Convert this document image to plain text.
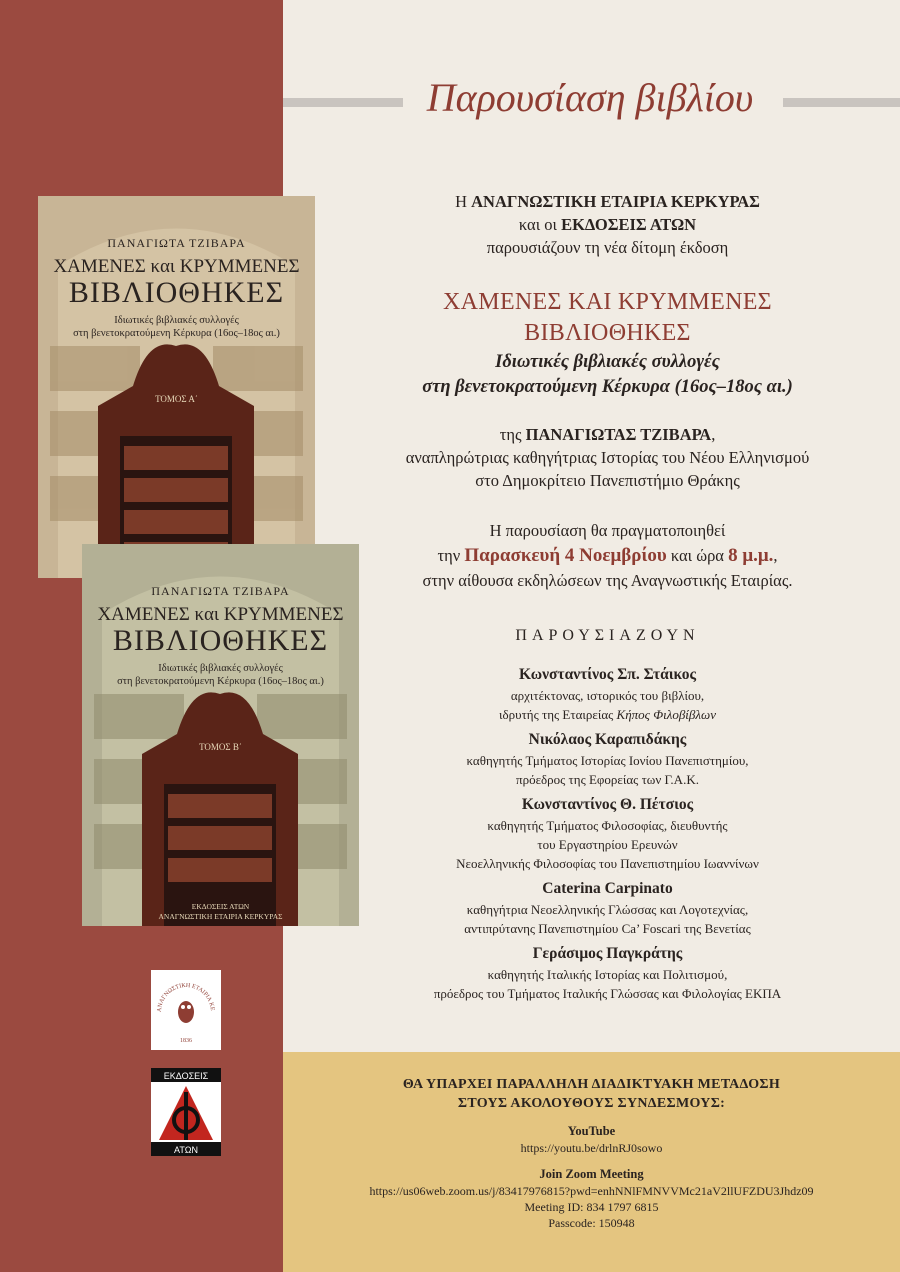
Παρουσίαση βιβλίου
ΠΑΝΑΓΙΩΤΑ ΤΖΙΒΑΡΑ
ΧΑΜΕΝΕΣ και ΚΡΥΜΜΕΝΕΣ
ΒΙΒΛΙΟΘΗΚΕΣ
Ιδιωτικές βιβλιακές συλλογές
στη βενετοκρατούμενη Κέρκυρα (16ος–18ος αι.)
ΤΟΜΟΣ Α΄
ΠΑΝΑΓΙΩΤΑ ΤΖΙΒΑΡΑ
ΧΑΜΕΝΕΣ και ΚΡΥΜΜΕΝΕΣ
ΒΙΒΛΙΟΘΗΚΕΣ
Ιδιωτικές βιβλιακές συλλογές
στη βενετοκρατούμενη Κέρκυρα (16ος–18ος αι.)
ΤΟΜΟΣ Β΄
ΕΚΔΟΣΕΙΣ ΑΤΩΝ
ΑΝΑΓΝΩΣΤΙΚΗ ΕΤΑΙΡΙΑ ΚΕΡΚΥΡΑΣ
ΑΝΑΓΝΩΣΤΙΚΗ ΕΤΑΙΡΙΑ ΚΕ
1836
ΕΚΔΟΣΕΙΣ
ΑΤΩΝ
Η ΑΝΑΓΝΩΣΤΙΚΗ ΕΤΑΙΡΙΑ ΚΕΡΚΥΡΑΣ
και οι ΕΚΔΟΣΕΙΣ ΑΤΩΝ
παρουσιάζουν τη νέα δίτομη έκδοση
ΧΑΜΕΝΕΣ ΚΑΙ ΚΡΥΜΜΕΝΕΣ
ΒΙΒΛΙΟΘΗΚΕΣ
Ιδιωτικές βιβλιακές συλλογές
στη βενετοκρατούμενη Κέρκυρα (16ος–18ος αι.)
της ΠΑΝΑΓΙΩΤΑΣ ΤΖΙΒΑΡΑ,
αναπληρώτριας καθηγήτριας Ιστορίας του Νέου Ελληνισμού
στο Δημοκρίτειο Πανεπιστήμιο Θράκης
Η παρουσίαση θα πραγματοποιηθεί
την Παρασκευή 4 Νοεμβρίου και ώρα 8 μ.μ.,
στην αίθουσα εκδηλώσεων της Αναγνωστικής Εταιρίας.
ΠΑΡΟΥΣΙΑΖΟΥΝ
Κωνσταντίνος Σπ. Στάικος
αρχιτέκτονας, ιστορικός του βιβλίου,
ιδρυτής της Εταιρείας Κήπος Φιλοβίβλων
Νικόλαος Καραπιδάκης
καθηγητής Τμήματος Ιστορίας Ιονίου Πανεπιστημίου,
πρόεδρος της Εφορείας των Γ.Α.Κ.
Κωνσταντίνος Θ. Πέτσιος
καθηγητής Τμήματος Φιλοσοφίας, διευθυντής
του Εργαστηρίου Ερευνών
Νεοελληνικής Φιλοσοφίας του Πανεπιστημίου Ιωαννίνων
Caterina Carpinato
καθηγήτρια Νεοελληνικής Γλώσσας και Λογοτεχνίας,
αντιπρύτανης Πανεπιστημίου Ca’ Foscari της Βενετίας
Γεράσιμος Παγκράτης
καθηγητής Ιταλικής Ιστορίας και Πολιτισμού,
πρόεδρος του Τμήματος Ιταλικής Γλώσσας και Φιλολογίας ΕΚΠΑ
ΘΑ ΥΠΑΡΧΕΙ ΠΑΡΑΛΛΗΛΗ ΔΙΑΔΙΚΤΥΑΚΗ ΜΕΤΑΔΟΣΗ
ΣΤΟΥΣ ΑΚΟΛΟΥΘΟΥΣ ΣΥΝΔΕΣΜΟΥΣ:
YouTube
https://youtu.be/drlnRJ0sowo
Join Zoom Meeting
https://us06web.zoom.us/j/83417976815?pwd=enhNNlFMNVVMc21aV2llUFZDU3Jhdz09
Meeting ID: 834 1797 6815
Passcode: 150948
